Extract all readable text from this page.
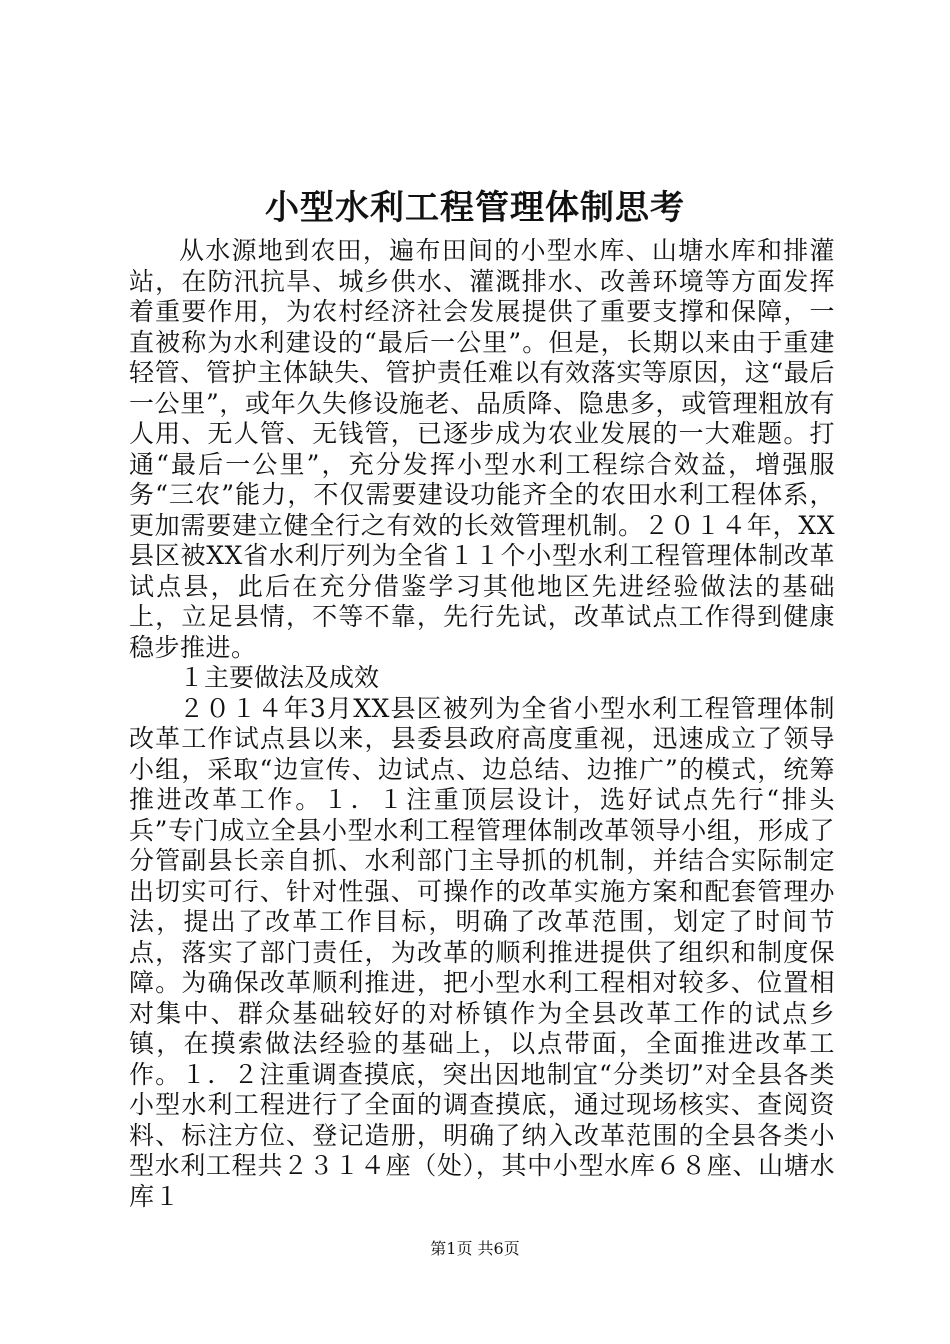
小型水利工程管理体制思考

从水源地到农田，遍布田间的小型水库、山塘水库和排灌站，在防汛抗旱、城乡供水、灌溉排水、改善环境等方面发挥着重要作用，为农村经济社会发展提供了重要支撑和保障，一直被称为水利建设的“最后一公里”。但是，长期以来由于重建轻管、管护主体缺失、管护责任难以有效落实等原因，这“最后一公里”，或年久失修设施老、品质降、隐患多，或管理粗放有人用、无人管、无钱管，已逐步成为农业发展的一大难题。打通“最后一公里”，充分发挥小型水利工程综合效益，增强服务“三农”能力，不仅需要建设功能齐全的农田水利工程体系，更加需要建立健全行之有效的长效管理机制。２０１４年，XX县区被XX省水利厅列为全省１１个小型水利工程管理体制改革试点县，此后在充分借鉴学习其他地区先进经验做法的基础上，立足县情，不等不靠，先行先试，改革试点工作得到健康稳步推进。

１主要做法及成效

２０１４年3月XX县区被列为全省小型水利工程管理体制改革工作试点县以来，县委县政府高度重视，迅速成立了领导小组，采取“边宣传、边试点、边总结、边推广”的模式，统筹推进改革工作。１．１注重顶层设计，选好试点先行“排头兵”专门成立全县小型水利工程管理体制改革领导小组，形成了分管副县长亲自抓、水利部门主导抓的机制，并结合实际制定出切实可行、针对性强、可操作的改革实施方案和配套管理办法，提出了改革工作目标，明确了改革范围，划定了时间节点，落实了部门责任，为改革的顺利推进提供了组织和制度保障。为确保改革顺利推进，把小型水利工程相对较多、位置相对集中、群众基础较好的对桥镇作为全县改革工作的试点乡镇，在摸索做法经验的基础上，以点带面，全面推进改革工作。１．２注重调查摸底，突出因地制宜“分类切”对全县各类小型水利工程进行了全面的调查摸底，通过现场核实、查阅资料、标注方位、登记造册，明确了纳入改革范围的全县各类小型水利工程共２３１４座（处），其中小型水库６８座、山塘水库１

第1页 共6页
